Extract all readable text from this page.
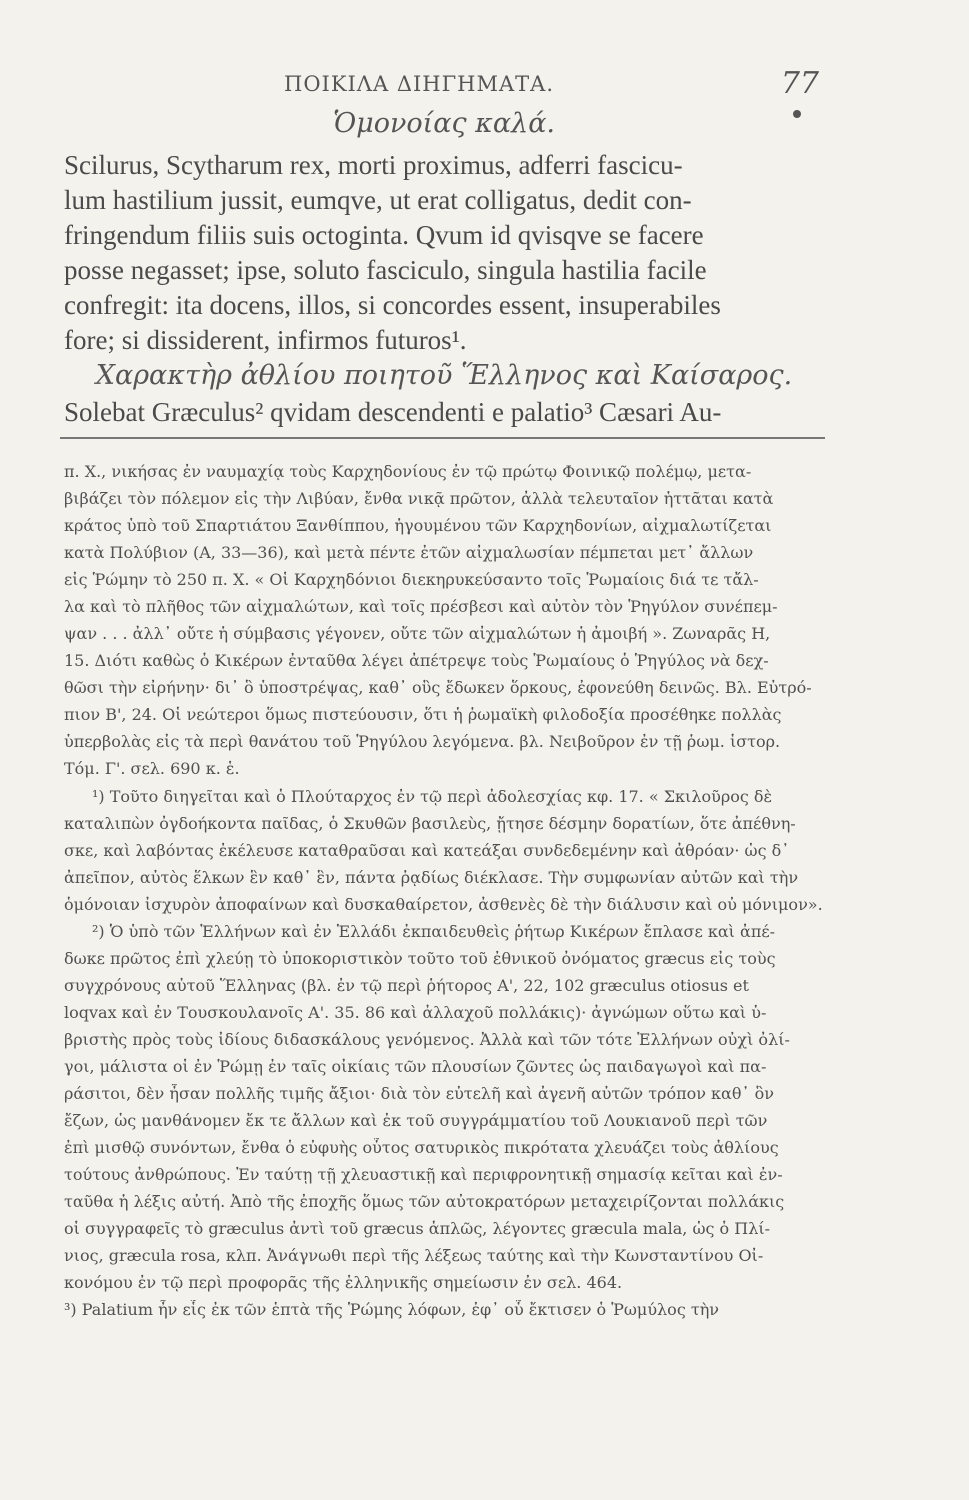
ΠΟΙΚΙΛΑ ΔΙΗΓΗΜΑΤΑ.	77
Ὁμονοίας καλά.
Scilurus, Scytharum rex, morti proximus, adferri fascicu-
lum hastilium jussit, eumqve, ut erat colligatus, dedit con-
fringendum filiis suis octoginta. Qvum id qvisqve se facere
posse negasset; ipse, soluto fasciculo, singula hastilia facile
confregit: ita docens, illos, si concordes essent, insuperabiles
fore; si dissiderent, infirmos futuros¹.
Χαρακτὴρ ἀθλίου ποιητοῦ Ἕλληνος καὶ Καίσαρος.
Solebat Græculus² qvidam descendenti e palatio³ Cæsari Au-
π. Χ., νικήσας ἐν ναυμαχίᾳ τοὺς Καρχηδονίους ἐν τῷ πρώτῳ Φοινικῷ πολέμῳ, μετα-
βιβάζει τὸν πόλεμον εἰς τὴν Λιβύαν, ἔνθα νικᾷ πρῶτον, ἀλλὰ τελευταῖον ἡττᾶται κατὰ
κράτος ὑπὸ τοῦ Σπαρτιάτου Ξανθίππου, ἡγουμένου τῶν Καρχηδονίων, αἰχμαλωτίζεται
κατὰ Πολύβιον (Α, 33—36), καὶ μετὰ πέντε ἐτῶν αἰχμαλωσίαν πέμπεται μετ᾽ ἄλλων
εἰς Ῥώμην τὸ 250 π. Χ. « Οἱ Καρχηδόνιοι διεκηρυκεύσαντο τοῖς Ῥωμαίοις διά τε τἄλ-
λα καὶ τὸ πλῆθος τῶν αἰχμαλώτων, καὶ τοῖς πρέσβεσι καὶ αὐτὸν τὸν Ῥηγύλον συνέπεμ-
ψαν . . . ἀλλ᾽ οὔτε ἡ σύμβασις γέγονεν, οὔτε τῶν αἰχμαλώτων ἡ ἀμοιβή ». Ζωναρᾶς Η,
15. Διότι καθὼς ὁ Κικέρων ἐνταῦθα λέγει ἀπέτρεψε τοὺς Ῥωμαίους ὁ Ῥηγύλος νὰ δεχ-
θῶσι τὴν εἰρήνην· δι᾽ ὃ ὑποστρέψας, καθ᾽ οὓς ἔδωκεν ὅρκους, ἐφονεύθη δεινῶς. Βλ. Εὐτρό-
πιον Β', 24. Οἱ νεώτεροι ὅμως πιστεύουσιν, ὅτι ἡ ῥωμαϊκὴ φιλοδοξία προσέθηκε πολλὰς
ὑπερβολὰς εἰς τὰ περὶ θανάτου τοῦ Ῥηγύλου λεγόμενα. βλ. Νειβοῦρον ἐν τῇ ῥωμ. ἱστορ.
Τόμ. Γ'. σελ. 690 κ. ἑ.
¹) Τοῦτο διηγεῖται καὶ ὁ Πλούταρχος ἐν τῷ περὶ ἀδολεσχίας κφ. 17. « Σκιλοῦρος δὲ
καταλιπὼν ὀγδοήκοντα παῖδας, ὁ Σκυθῶν βασιλεὺς, ᾔτησε δέσμην δορατίων, ὅτε ἀπέθνη-
σκε, καὶ λαβόντας ἐκέλευσε καταθραῦσαι καὶ κατεάξαι συνδεδεμένην καὶ ἀθρόαν· ὡς δ᾽
ἀπεῖπον, αὐτὸς ἕλκων ἓν καθ᾽ ἓν, πάντα ῥᾳδίως διέκλασε. Τὴν συμφωνίαν αὐτῶν καὶ τὴν
ὁμόνοιαν ἰσχυρὸν ἀποφαίνων καὶ δυσκαθαίρετον, ἀσθενὲς δὲ τὴν διάλυσιν καὶ οὐ μόνιμον».
²) Ὁ ὑπὸ τῶν Ἑλλήνων καὶ ἐν Ἑλλάδι ἐκπαιδευθεὶς ῥήτωρ Κικέρων ἔπλασε καὶ ἀπέ-
δωκε πρῶτος ἐπὶ χλεύῃ τὸ ὑποκοριστικὸν τοῦτο τοῦ ἐθνικοῦ ὀνόματος græcus εἰς τοὺς
συγχρόνους αὐτοῦ Ἕλληνας (βλ. ἐν τῷ περὶ ῥήτορος Α', 22, 102 græculus otiosus et
loqvax καὶ ἐν Τουσκουλανοῖς Α'. 35. 86 καὶ ἀλλαχοῦ πολλάκις)· ἀγνώμων οὕτω καὶ ὑ-
βριστὴς πρὸς τοὺς ἰδίους διδασκάλους γενόμενος. Ἀλλὰ καὶ τῶν τότε Ἑλλήνων οὐχὶ ὀλί-
γοι, μάλιστα οἱ ἐν Ῥώμῃ ἐν ταῖς οἰκίαις τῶν πλουσίων ζῶντες ὡς παιδαγωγοὶ καὶ πα-
ράσιτοι, δὲν ἦσαν πολλῆς τιμῆς ἄξιοι· διὰ τὸν εὐτελῆ καὶ ἀγενῆ αὐτῶν τρόπον καθ᾽ ὃν
ἔζων, ὡς μανθάνομεν ἔκ τε ἄλλων καὶ ἐκ τοῦ συγγράμματίου τοῦ Λουκιανοῦ περὶ τῶν
ἐπὶ μισθῷ συνόντων, ἔνθα ὁ εὐφυὴς οὗτος σατυρικὸς πικρότατα χλευάζει τοὺς ἀθλίους
τούτους ἀνθρώπους. Ἐν ταύτῃ τῇ χλευαστικῇ καὶ περιφρονητικῇ σημασίᾳ κεῖται καὶ ἐν-
ταῦθα ἡ λέξις αὐτή. Ἀπὸ τῆς ἐποχῆς ὅμως τῶν αὐτοκρατόρων μεταχειρίζονται πολλάκις
οἱ συγγραφεῖς τὸ græculus ἀντὶ τοῦ græcus ἁπλῶς, λέγοντες græcula mala, ὡς ὁ Πλί-
νιος, græcula rosa, κλπ. Ἀνάγνωθι περὶ τῆς λέξεως ταύτης καὶ τὴν Κωνσταντίνου Οἰ-
κονόμου ἐν τῷ περὶ προφορᾶς τῆς ἑλληνικῆς σημείωσιν ἐν σελ. 464.
³) Palatium ἦν εἷς ἐκ τῶν ἑπτὰ τῆς Ῥώμης λόφων, ἐφ᾽ οὗ ἔκτισεν ὁ Ῥωμύλος τὴν
